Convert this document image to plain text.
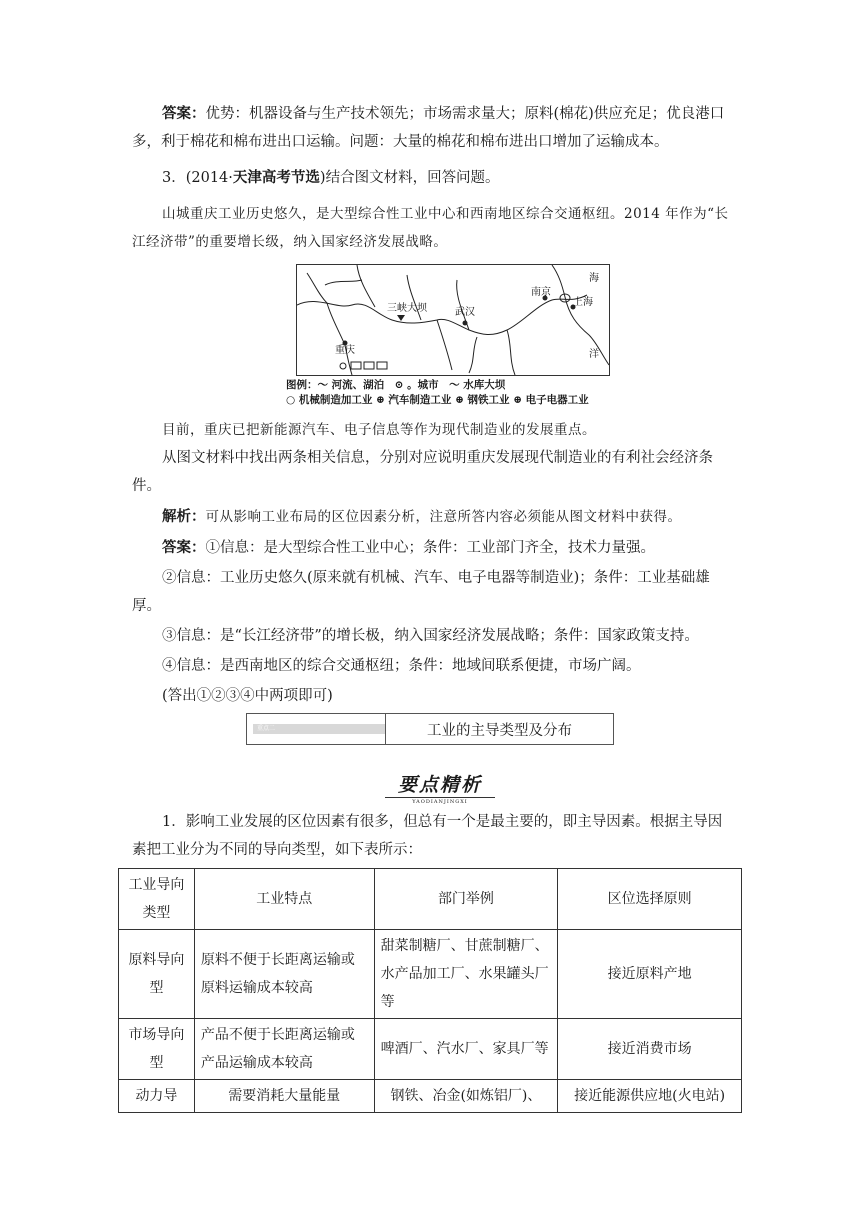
答案：优势：机器设备与生产技术领先；市场需求量大；原料(棉花)供应充足；优良港口多，利于棉花和棉布进出口运输。问题：大量的棉花和棉布进出口增加了运输成本。
3．(2014·天津高考节选)结合图文材料，回答问题。
山城重庆工业历史悠久，是大型综合性工业中心和西南地区综合交通枢纽。2014 年作为“长江经济带”的重要增长级，纳入国家经济发展战略。
海
洋
南京
上海
三峡大坝	武汉
重庆
图例：～ 河流、湖泊　⊙ 。城市　～ 水库大坝
○ 机械制造加工业 ⊕ 汽车制造工业 ⊕ 钢铁工业 ⊕ 电子电器工业
目前，重庆已把新能源汽车、电子信息等作为现代制造业的发展重点。
从图文材料中找出两条相关信息，分别对应说明重庆发展现代制造业的有利社会经济条件。
解析：可从影响工业布局的区位因素分析，注意所答内容必须能从图文材料中获得。
答案：①信息：是大型综合性工业中心；条件：工业部门齐全，技术力量强。
②信息：工业历史悠久(原来就有机械、汽车、电子电器等制造业)；条件：工业基础雄厚。
③信息：是“长江经济带”的增长极，纳入国家经济发展战略；条件：国家政策支持。
④信息：是西南地区的综合交通枢纽；条件：地域间联系便捷，市场广阔。
(答出①②③④中两项即可)
重点二	工业的主导类型及分布
要点精析
YAODIANJINGXI
1．影响工业发展的区位因素有很多，但总有一个是最主要的，即主导因素。根据主导因素把工业分为不同的导向类型，如下表所示：
工业导向类型	工业特点	部门举例	区位选择原则
原料导向型	原料不便于长距离运输或原料运输成本较高	甜菜制糖厂、甘蔗制糖厂、水产品加工厂、水果罐头厂等	接近原料产地
市场导向型	产品不便于长距离运输或产品运输成本较高	啤酒厂、汽水厂、家具厂等	接近消费市场
动力导	需要消耗大量能量	钢铁、冶金(如炼铝厂)、	接近能源供应地(火电站)
